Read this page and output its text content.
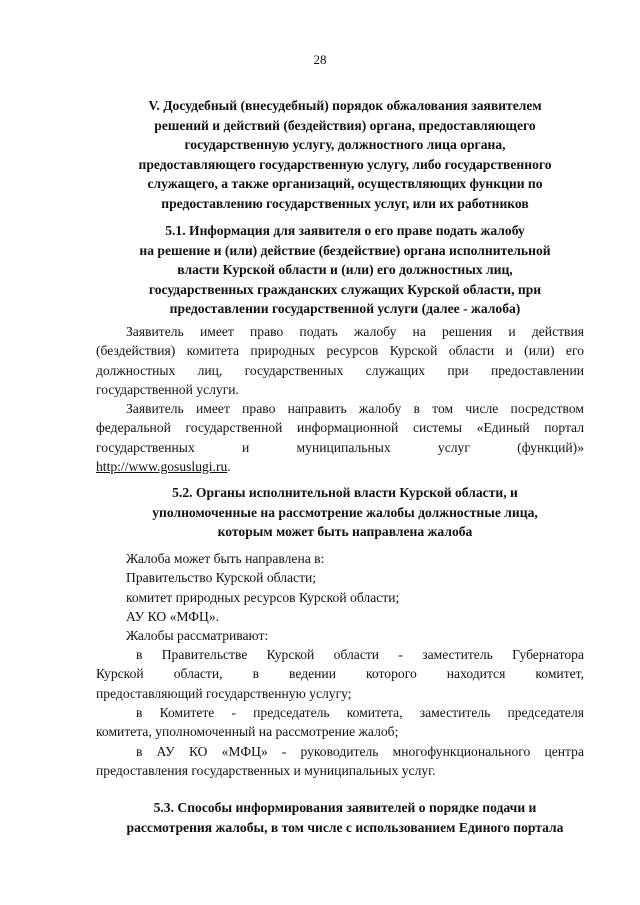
28
V. Досудебный (внесудебный) порядок обжалования заявителем
решений и действий (бездействия) органа, предоставляющего
государственную услугу, должностного лица органа,
предоставляющего государственную услугу, либо государственного
служащего, а также организаций, осуществляющих функции по
предоставлению государственных услуг, или их работников
5.1. Информация для заявителя о его праве подать жалобу
на решение и (или) действие (бездействие) органа исполнительной
власти Курской области и (или) его должностных лиц,
государственных гражданских служащих Курской области, при
предоставлении государственной услуги (далее - жалоба)
Заявитель имеет право подать жалобу на решения и действия
(бездействия) комитета природных ресурсов Курской области и (или) его
должностных лиц, государственных служащих при предоставлении
государственной услуги.
Заявитель имеет право направить жалобу в том числе посредством
федеральной государственной информационной системы «Единый портал
государственных и муниципальных услуг (функций)»
http://www.gosuslugi.ru.
5.2. Органы исполнительной власти Курской области, и
уполномоченные на рассмотрение жалобы должностные лица,
которым может быть направлена жалоба
Жалоба может быть направлена в:
Правительство Курской области;
комитет природных ресурсов Курской области;
АУ КО «МФЦ».
Жалобы рассматривают:
в Правительстве Курской области - заместитель Губернатора
Курской области, в ведении которого находится комитет,
предоставляющий государственную услугу;
в Комитете - председатель комитета, заместитель председателя
комитета, уполномоченный на рассмотрение жалоб;
в АУ КО «МФЦ» - руководитель многофункционального центра
предоставления государственных и муниципальных услуг.
5.3. Способы информирования заявителей о порядке подачи и
рассмотрения жалобы, в том числе с использованием Единого портала
